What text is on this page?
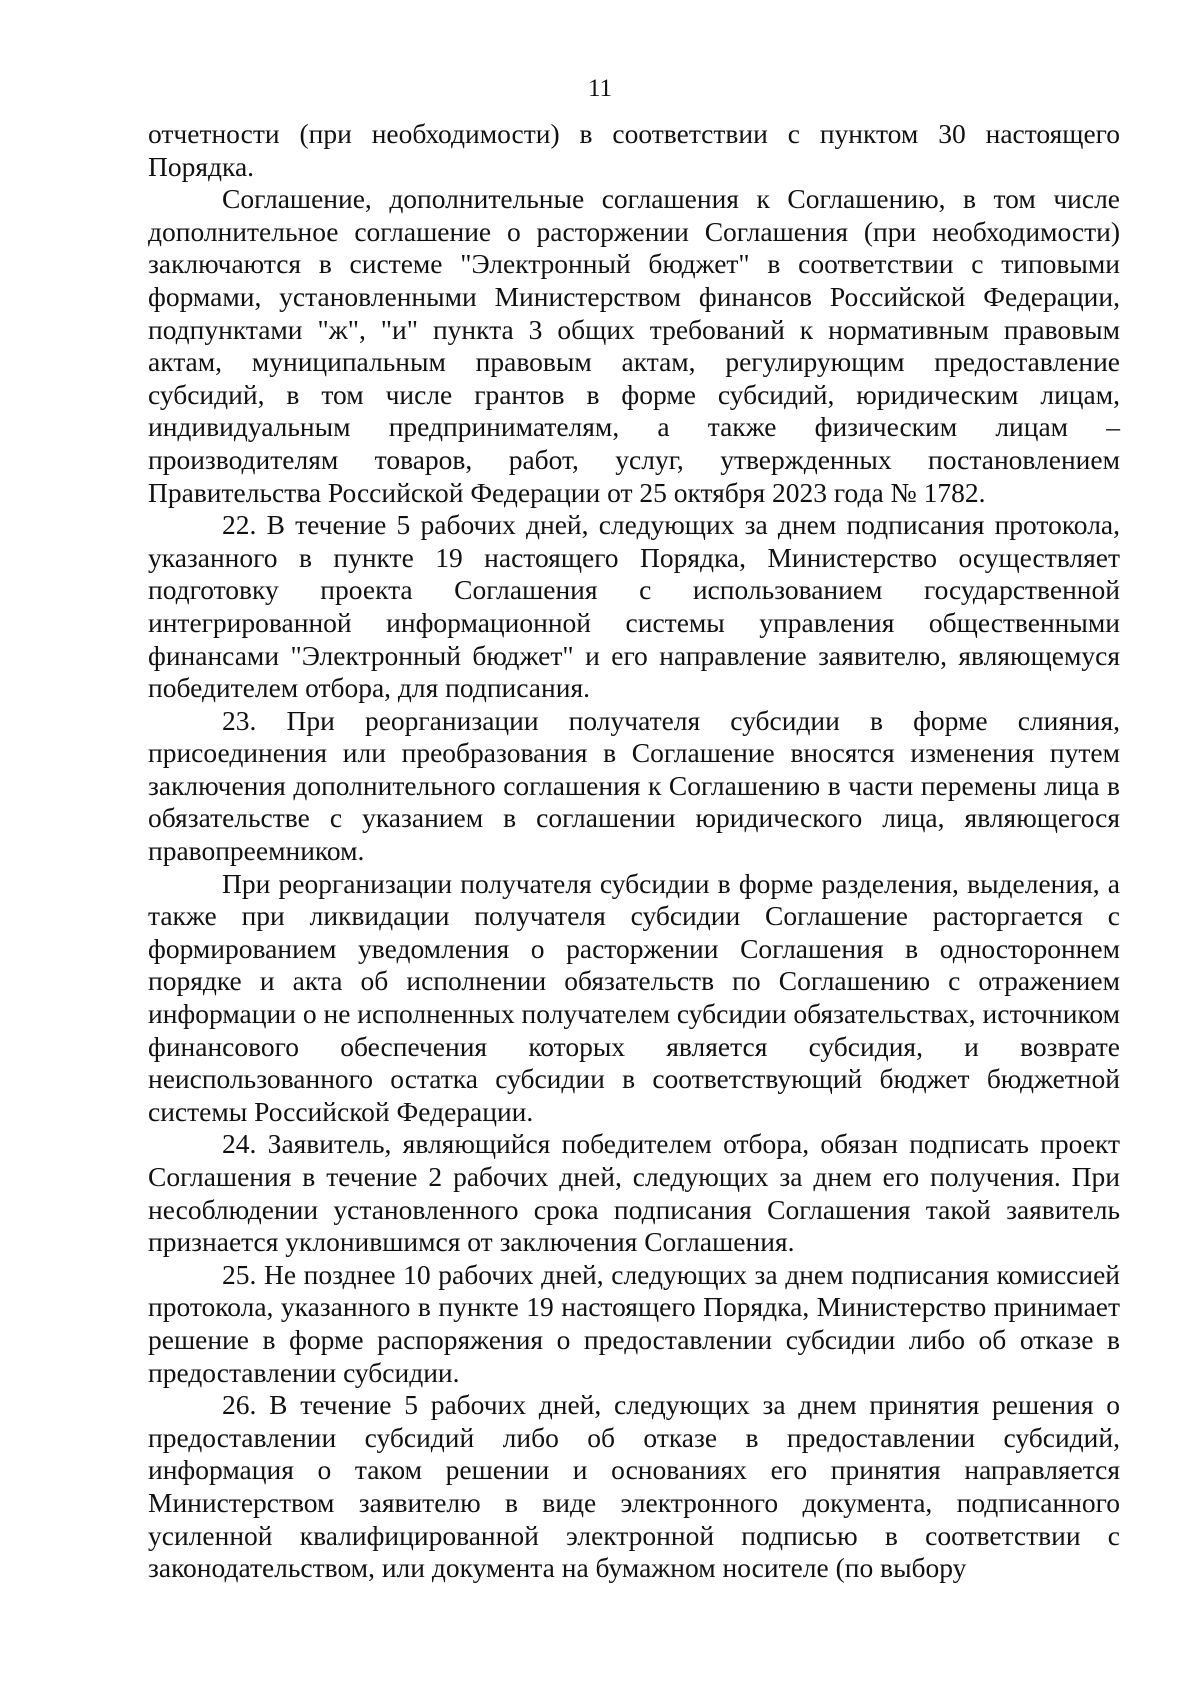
11

отчетности (при необходимости) в соответствии с пунктом 30 настоящего Порядка.

Соглашение, дополнительные соглашения к Соглашению, в том числе дополнительное соглашение о расторжении Соглашения (при необходимости) заключаются в системе "Электронный бюджет" в соответствии с типовыми формами, установленными Министерством финансов Российской Федерации, подпунктами "ж", "и" пункта 3 общих требований к нормативным правовым актам, муниципальным правовым актам, регулирующим предоставление субсидий, в том числе грантов в форме субсидий, юридическим лицам, индивидуальным предпринимателям, а также физическим лицам – производителям товаров, работ, услуг, утвержденных постановлением Правительства Российской Федерации от 25 октября 2023 года № 1782.

22. В течение 5 рабочих дней, следующих за днем подписания протокола, указанного в пункте 19 настоящего Порядка, Министерство осуществляет подготовку проекта Соглашения с использованием государственной интегрированной информационной системы управления общественными финансами "Электронный бюджет" и его направление заявителю, являющемуся победителем отбора, для подписания.

23. При реорганизации получателя субсидии в форме слияния, присоединения или преобразования в Соглашение вносятся изменения путем заключения дополнительного соглашения к Соглашению в части перемены лица в обязательстве с указанием в соглашении юридического лица, являющегося правопреемником.

При реорганизации получателя субсидии в форме разделения, выделения, а также при ликвидации получателя субсидии Соглашение расторгается с формированием уведомления о расторжении Соглашения в одностороннем порядке и акта об исполнении обязательств по Соглашению с отражением информации о не исполненных получателем субсидии обязательствах, источником финансового обеспечения которых является субсидия, и возврате неиспользованного остатка субсидии в соответствующий бюджет бюджетной системы Российской Федерации.

24. Заявитель, являющийся победителем отбора, обязан подписать проект Соглашения в течение 2 рабочих дней, следующих за днем его получения. При несоблюдении установленного срока подписания Соглашения такой заявитель признается уклонившимся от заключения Соглашения.

25. Не позднее 10 рабочих дней, следующих за днем подписания комиссией протокола, указанного в пункте 19 настоящего Порядка, Министерство принимает решение в форме распоряжения о предоставлении субсидии либо об отказе в предоставлении субсидии.

26. В течение 5 рабочих дней, следующих за днем принятия решения о предоставлении субсидий либо об отказе в предоставлении субсидий, информация о таком решении и основаниях его принятия направляется Министерством заявителю в виде электронного документа, подписанного усиленной квалифицированной электронной подписью в соответствии с законодательством, или документа на бумажном носителе (по выбору
